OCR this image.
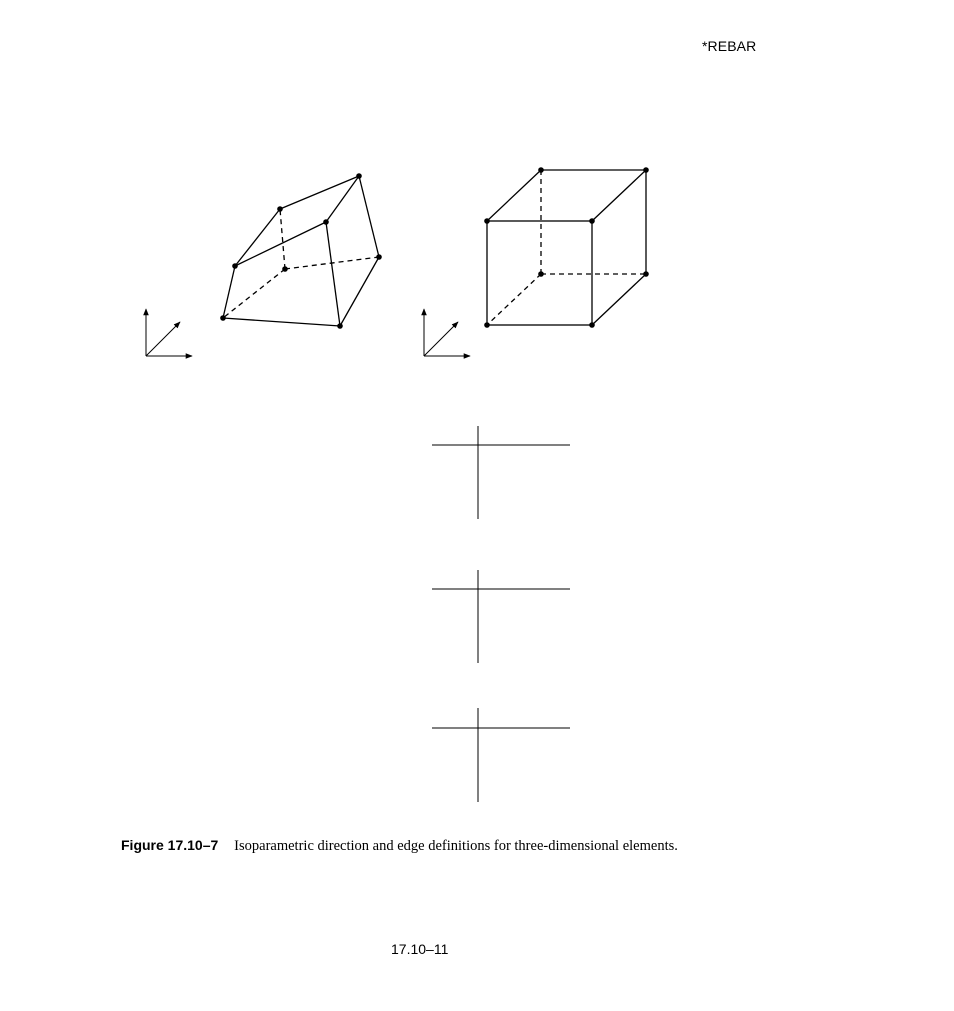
*REBAR
Figure 17.10–7 Isoparametric direction and edge definitions for three-dimensional elements.
17.10–11
